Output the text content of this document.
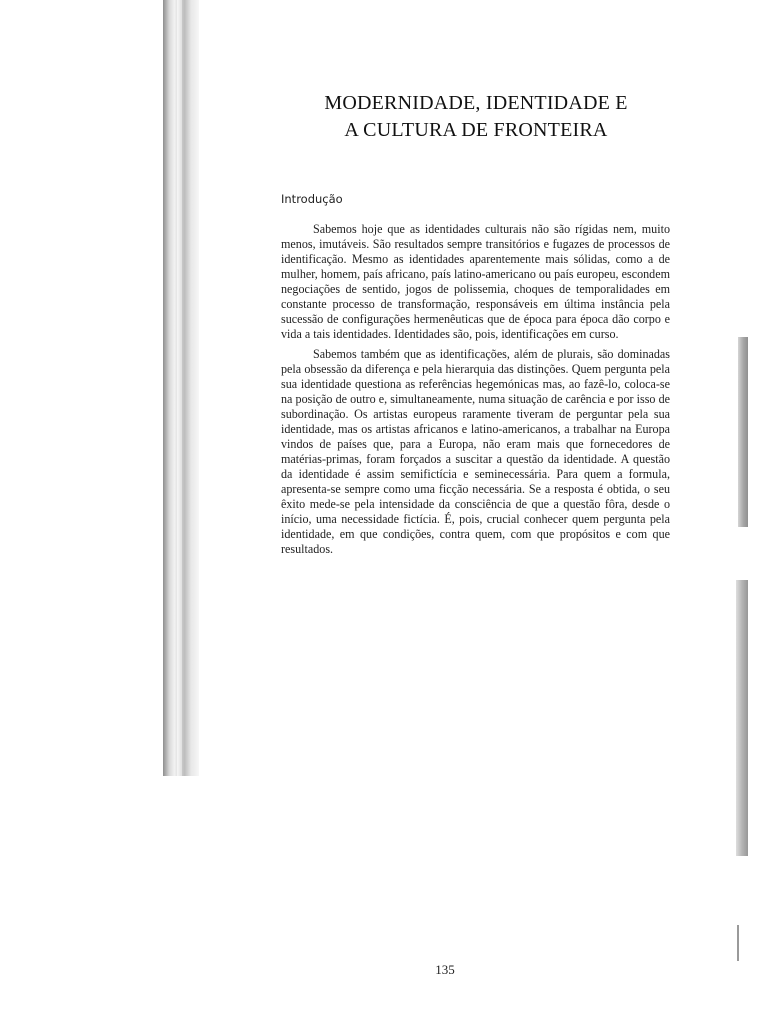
MODERNIDADE, IDENTIDADE E
A CULTURA DE FRONTEIRA
Introdução

Sabemos hoje que as identidades culturais não são rígidas nem, muito menos, imutáveis. São resultados sempre transitórios e fugazes de processos de identificação. Mesmo as identidades aparentemente mais sólidas, como a de mulher, homem, país africano, país latino-americano ou país europeu, escondem negociações de sentido, jogos de polissemia, choques de temporalidades em constante processo de transformação, responsáveis em última instância pela sucessão de configurações hermenêuticas que de época para época dão corpo e vida a tais identidades. Identidades são, pois, identificações em curso.

Sabemos também que as identificações, além de plurais, são dominadas pela obsessão da diferença e pela hierarquia das distinções. Quem pergunta pela sua identidade questiona as referências hegemónicas mas, ao fazê-lo, coloca-se na posição de outro e, simultaneamente, numa situação de carência e por isso de subordinação. Os artistas europeus raramente tiveram de perguntar pela sua identidade, mas os artistas africanos e latino-americanos, a trabalhar na Europa vindos de países que, para a Europa, não eram mais que fornecedores de matérias-primas, foram forçados a suscitar a questão da identidade. A questão da identidade é assim semifictícia e seminecessária. Para quem a formula, apresenta-se sempre como uma ficção necessária. Se a resposta é obtida, o seu êxito mede-se pela intensidade da consciência de que a questão fôra, desde o início, uma necessidade fictícia. É, pois, crucial conhecer quem pergunta pela identidade, em que condições, contra quem, com que propósitos e com que resultados.

135
